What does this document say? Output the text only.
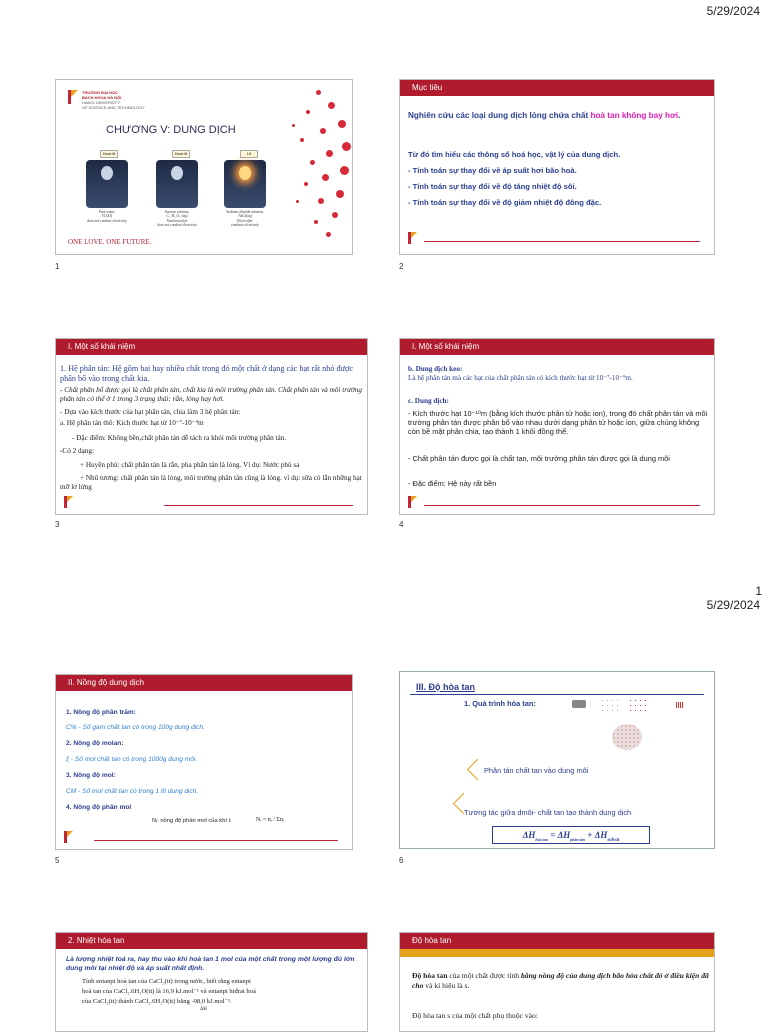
5/29/2024
TRƯỜNG ĐẠI HỌC
BÁCH KHOA HÀ NỘI
HANOI UNIVERSITY
OF SCIENCE AND TECHNOLOGY
CHƯƠNG V: DUNG DỊCH
Hard lit	Hard lit	Lit
Pure water,
H₂O(l)
does not conduct electricity
Sucrose solution,
C₁₂H₂₂O₁₁(aq)
Nonelectrolyte
does not conduct electricity
Sodium chloride solution,
NaCl(aq)
Electrolyte
conducts electricity
ONE LOVE. ONE FUTURE.
1
Mục tiêu
Nghiên cứu các loại dung dịch lỏng chứa chất hoà tan không bay hơi.
Từ đó tìm hiểu các thông số hoá học, vật lý của dung dịch.
- Tính toán sự thay đổi về áp suất hơi bão hoà.
- Tính toán sự thay đổi về độ tăng nhiệt độ sôi.
- Tính toán sự thay đổi về độ giảm nhiệt độ đông đặc.
2
I. Một số khái niệm
1. Hệ phân tán: Hệ gồm hai hay nhiều chất trong đó một chất ở dạng các hạt rất nhỏ được phân bố vào trong chất kia.
- Chất phân bố được gọi là chất phân tán, chất kia là môi trường phân tán. Chất phân tán và môi trường phân tán có thể ở 1 trong 3 trạng thái: rắn, lỏng hay hơi.
- Dựa vào kích thước của hạt phân tán, chia làm 3 hệ phân tán:
a. Hệ phân tán thô: Kích thước hạt từ 10⁻⁷-10⁻⁴m
- Đặc điểm: Không bền,chất phân tán dễ tách ra khỏi môi trường phân tán.
-Có 2 dạng:
+ Huyền phù: chất phân tán là rắn, pha phân tán là lỏng. Ví dụ: Nước phù sa
+ Nhũ tương: chất phân tán là lỏng, môi trường phân tán cũng là lỏng. ví dụ: sữa có lẫn những hạt mỡ lơ lửng
3
I. Một số khái niệm
b. Dung dịch keo:
Là hệ phân tán mà các hạt của chất phân tán có kích thước hạt từ 10⁻⁷-10⁻⁹m.
c. Dung dịch:
- Kích thước hạt 10⁻¹⁰m (bằng kích thước phân tử hoặc ion), trong đó chất phân tán và môi trường phân tán được phân bố vào nhau dưới dạng phân tử hoặc ion, giữa chúng không còn bề mặt phân chia, tạo thành 1 khối đồng thể.
- Chất phân tán được gọi là chất tan, môi trường phân tán được gọi là dung môi
- Đặc điểm: Hệ này rất bền
4
1
5/29/2024
II. Nồng độ dung dịch
1. Nồng độ phần trăm:
C% - Số gam chất tan có trong 100g dung dịch.
2. Nồng độ molan:
ξ - Số mol chất tan có trong 1000g dung môi.
3. Nồng độ mol:
CM - Số mol chất tan có trong 1 lít dung dịch.
4. Nồng độ phần mol
Nᵢ: nồng độ phần mol của khí i:	Nᵢ = nᵢ / Σnᵢ
5
III. Độ hòa tan
1. Quá trình hòa tan:
Phân tán chất tan vào dung môi
Tương tác giữa dmôi- chất tan tạo thành dung dịch
$\Delta H_{hòa tan} = \Delta H_{phân tán} + \Delta H_{solvat}$
6
2. Nhiệt hòa tan
Là lượng nhiệt toả ra, hay thu vào khi hoà tan 1 mol của một chất trong một lượng đủ lớn dung môi tại nhiệt độ và áp suất nhất định.
Tính entanpi hoà tan của CaCl₂(tt) trong nước, biết rằng entanpi
hoà tan của CaCl₂.6H₂O(tt) là 16,9 kJ.mol⁻¹ và entanpi hiđrat hoá
của CaCl₂(tt) thành CaCl₂.6H₂O(tt) bằng -98,0 kJ.mol⁻¹.
ΔH
Độ hòa tan
Độ hòa tan của một chất được tính bằng nồng độ của dung dịch bão hòa chất đó ở điều kiện đã cho và kí hiệu là s.
Độ hòa tan s của một chất phụ thuộc vào:
